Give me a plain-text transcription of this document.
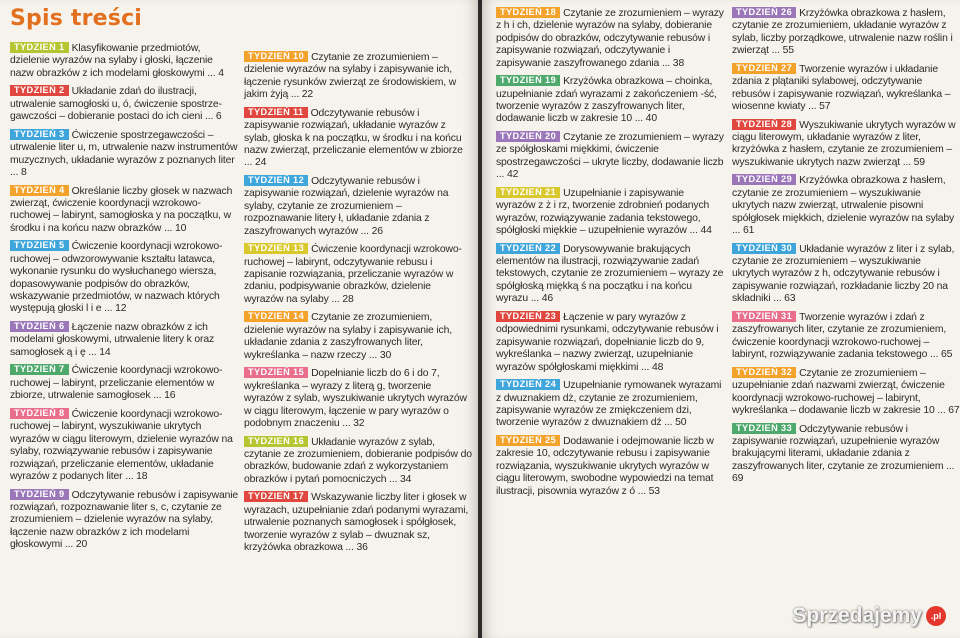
Spis treści
TYDZIEŃ 1 Klasyfikowanie przedmiotów, dzielenie wyrazów na sylaby i głoski, łączenie nazw obrazków z ich modelami głoskowymi ... 4
TYDZIEŃ 2 Układanie zdań do ilustracji, utrwalenie samogłoski u, ó, ćwiczenie spostrze-gawczości – dobieranie postaci do ich cieni ... 6
TYDZIEŃ 3 Ćwiczenie spostrzegawczości – utrwalenie liter u, m, utrwalenie nazw instrumentów muzycznych, układanie wyrazów z poznanych liter ... 8
TYDZIEŃ 4 Określanie liczby głosek w nazwach zwierząt, ćwiczenie koordynacji wzrokowo-ruchowej – labirynt, samogłoska y na początku, w środku i na końcu nazw obrazków ... 10
TYDZIEŃ 5 Ćwiczenie koordynacji wzrokowo-ruchowej – odwzorowywanie kształtu latawca, wykonanie rysunku do wysłuchanego wiersza, dopasowywanie podpisów do obrazków, wskazywanie przedmiotów, w nazwach których występują głoski l i e ... 12
TYDZIEŃ 6 Łączenie nazw obrazków z ich modelami głoskowymi, utrwalenie litery k oraz samogłosek ą i ę ... 14
TYDZIEŃ 7 Ćwiczenie koordynacji wzrokowo-ruchowej – labirynt, przeliczanie elementów w zbiorze, utrwalenie samogłosek ... 16
TYDZIEŃ 8 Ćwiczenie koordynacji wzrokowo-ruchowej – labirynt, wyszukiwanie ukrytych wyrazów w ciągu literowym, dzielenie wyrazów na sylaby, rozwiązywanie rebusów i zapisywanie rozwiązań, przeliczanie elementów, układanie wyrazów z podanych liter ... 18
TYDZIEŃ 9 Odczytywanie rebusów i zapisywanie rozwiązań, rozpoznawanie liter s, c, czytanie ze zrozumieniem – dzielenie wyrazów na sylaby, łączenie nazw obrazków z ich modelami głoskowymi ... 20
TYDZIEŃ 10 Czytanie ze zrozumieniem – dzielenie wyrazów na sylaby i zapisywanie ich, łączenie rysunków zwierząt ze środowiskiem, w jakim żyją ... 22
TYDZIEŃ 11 Odczytywanie rebusów i zapisywanie rozwiązań, układanie wyrazów z sylab, głoska k na początku, w środku i na końcu nazw zwierząt, przeliczanie elementów w zbiorze ... 24
TYDZIEŃ 12 Odczytywanie rebusów i zapisywanie rozwiązań, dzielenie wyrazów na sylaby, czytanie ze zrozumieniem – rozpoznawanie litery ł, układanie zdania z zaszyfrowanych wyrazów ... 26
TYDZIEŃ 13 Ćwiczenie koordynacji wzrokowo-ruchowej – labirynt, odczytywanie rebusu i zapisanie rozwiązania, przeliczanie wyrazów w zdaniu, podpisywanie obrazków, dzielenie wyrazów na sylaby ... 28
TYDZIEŃ 14 Czytanie ze zrozumieniem, dzielenie wyrazów na sylaby i zapisywanie ich, układanie zdania z zaszyfrowanych liter, wykreślanka – nazw rzeczy ... 30
TYDZIEŃ 15 Dopełnianie liczb do 6 i do 7, wykreślanka – wyrazy z literą g, tworzenie wyrazów z sylab, wyszukiwanie ukrytych wyrazów w ciągu literowym, łączenie w pary wyrazów o podobnym znaczeniu ... 32
TYDZIEŃ 16 Układanie wyrazów z sylab, czytanie ze zrozumieniem, dobieranie podpisów do obrazków, budowanie zdań z wykorzystaniem obrazków i pytań pomocniczych ... 34
TYDZIEŃ 17 Wskazywanie liczby liter i głosek w wyrazach, uzupełnianie zdań podanymi wyrazami, utrwalenie poznanych samogłosek i spółgłosek, tworzenie wyrazów z sylab – dwuznak sz, krzyżówka obrazkowa ... 36
TYDZIEŃ 18 Czytanie ze zrozumieniem – wyrazy z h i ch, dzielenie wyrazów na sylaby, dobieranie podpisów do obrazków, odczytywanie rebusów i zapisywanie rozwiązań, odczytywanie i zapisywanie zaszyfrowanego zdania ... 38
TYDZIEŃ 19 Krzyżówka obrazkowa – choinka, uzupełnianie zdań wyrazami z zakończeniem -ść, tworzenie wyrazów z zaszyfrowanych liter, dodawanie liczb w zakresie 10 ... 40
TYDZIEŃ 20 Czytanie ze zrozumieniem – wyrazy ze spółgłoskami miękkimi, ćwiczenie spostrzegawczości – ukryte liczby, dodawanie liczb ... 42
TYDZIEŃ 21 Uzupełnianie i zapisywanie wyrazów z ż i rz, tworzenie zdrobnień podanych wyrazów, rozwiązywanie zadania tekstowego, spółgłoski miękkie – uzupełnienie wyrazów ... 44
TYDZIEŃ 22 Dorysowywanie brakujących elementów na ilustracji, rozwiązywanie zadań tekstowych, czytanie ze zrozumieniem – wyrazy ze spółgłoską miękką ś na początku i na końcu wyrazu ... 46
TYDZIEŃ 23 Łączenie w pary wyrazów z odpowiednimi rysunkami, odczytywanie rebusów i zapisywanie rozwiązań, dopełnianie liczb do 9, wykreślanka – nazwy zwierząt, uzupełnianie wyrazów spółgłoskami miękkimi ... 48
TYDZIEŃ 24 Uzupełnianie rymowanek wyrazami z dwuznakiem dż, czytanie ze zrozumieniem, zapisywanie wyrazów ze zmiękczeniem dzi, tworzenie wyrazów z dwuznakiem dź ... 50
TYDZIEŃ 25 Dodawanie i odejmowanie liczb w zakresie 10, odczytywanie rebusu i zapisywanie rozwiązania, wyszukiwanie ukrytych wyrazów w ciągu literowym, swobodne wypowiedzi na temat ilustracji, pisownia wyrazów z ó ... 53
TYDZIEŃ 26 Krzyżówka obrazkowa z hasłem, czytanie ze zrozumieniem, układanie wyrazów z sylab, liczby porządkowe, utrwalenie nazw roślin i zwierząt ... 55
TYDZIEŃ 27 Tworzenie wyrazów i układanie zdania z plątaniki sylabowej, odczytywanie rebusów i zapisywanie rozwiązań, wykreślanka – wiosenne kwiaty ... 57
TYDZIEŃ 28 Wyszukiwanie ukrytych wyrazów w ciągu literowym, układanie wyrazów z liter, krzyżówka z hasłem, czytanie ze zrozumieniem – wyszukiwanie ukrytych nazw zwierząt ... 59
TYDZIEŃ 29 Krzyżówka obrazkowa z hasłem, czytanie ze zrozumieniem – wyszukiwanie ukrytych nazw zwierząt, utrwalenie pisowni spółgłosek miękkich, dzielenie wyrazów na sylaby ... 61
TYDZIEŃ 30 Układanie wyrazów z liter i z sylab, czytanie ze zrozumieniem – wyszukiwanie ukrytych wyrazów z h, odczytywanie rebusów i zapisywanie rozwiązań, rozkładanie liczby 20 na składniki ... 63
TYDZIEŃ 31 Tworzenie wyrazów i zdań z zaszyfrowanych liter, czytanie ze zrozumieniem, ćwiczenie koordynacji wzrokowo-ruchowej – labirynt, rozwiązywanie zadania tekstowego ... 65
TYDZIEŃ 32 Czytanie ze zrozumieniem – uzupełnianie zdań nazwami zwierząt, ćwiczenie koordynacji wzrokowo-ruchowej – labirynt, wykreślanka – dodawanie liczb w zakresie 10 ... 67
TYDZIEŃ 33 Odczytywanie rebusów i zapisywanie rozwiązań, uzupełnienie wyrazów brakującymi literami, układanie zdania z zaszyfrowanych liter, czytanie ze zrozumieniem ... 69
Sprzedajemy .pl
